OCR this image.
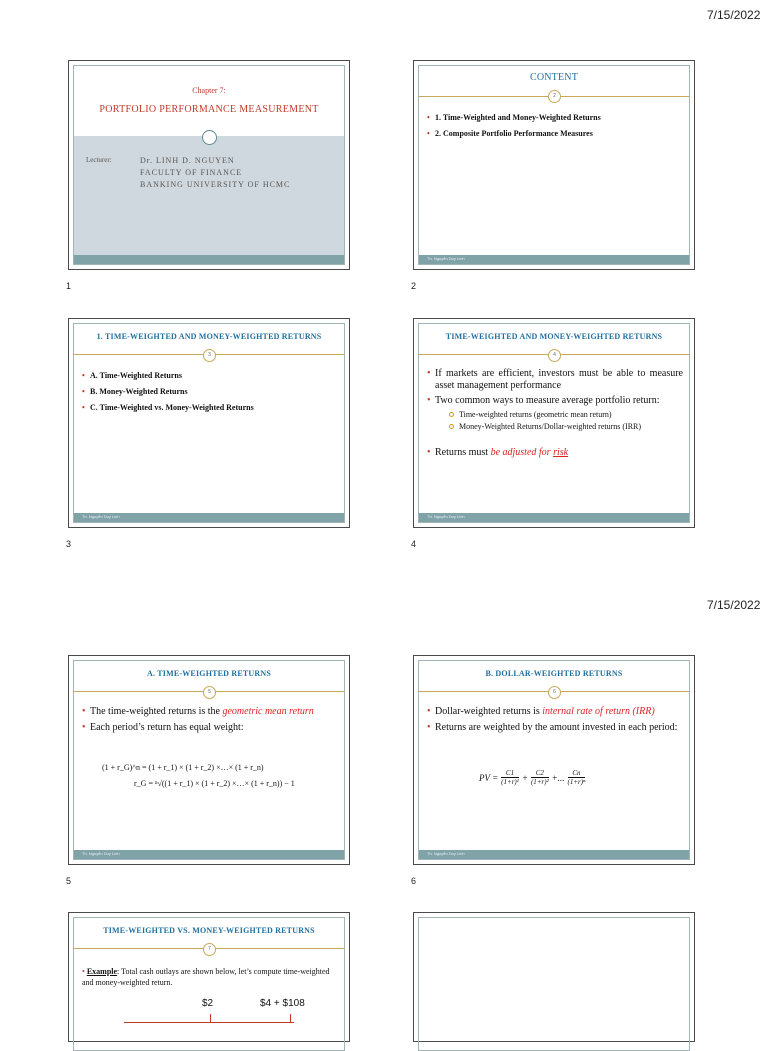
7/15/2022
Chapter 7:
PORTFOLIO PERFORMANCE MEASUREMENT
Lecturer:	Dr. LINH D. NGUYEN
FACULTY OF FINANCE
BANKING UNIVERSITY OF HCMC
1
CONTENT
2
• 1. Time-Weighted and Money-Weighted Returns
• 2. Composite Portfolio Performance Measures
Th. Nguyễn Duy Linh
2
1. TIME-WEIGHTED AND MONEY-WEIGHTED RETURNS
3
• A. Time-Weighted Returns
• B. Money-Weighted Returns
• C. Time-Weighted vs. Money-Weighted Returns
Th. Nguyễn Duy Linh
3
TIME-WEIGHTED AND MONEY-WEIGHTED RETURNS
4
• If markets are efficient, investors must be able to measure asset management performance
• Two common ways to measure average portfolio return:
Time-weighted returns (geometric mean return)
Money-Weighted Returns/Dollar-weighted returns (IRR)
• Returns must be adjusted for risk
Th. Nguyễn Duy Linh
4
7/15/2022
A. TIME-WEIGHTED RETURNS
5
• The time-weighted returns is the geometric mean return
• Each period’s return has equal weight:
(1 + r_G)^n = (1 + r_1) × (1 + r_2) ×…× (1 + r_n)
r_G = ⁿ√((1 + r_1) × (1 + r_2) ×…× (1 + r_n)) − 1
Th. Nguyễn Duy Linh
5
B. DOLLAR-WEIGHTED RETURNS
6
• Dollar-weighted returns is internal rate of return (IRR)
• Returns are weighted by the amount invested in each period:
PV = $\frac{C1}{\text{(1+r)¹}} + \frac{C2}{\text{(1+r)²}}$ +...	Cn
(1+r)ⁿ
Th. Nguyễn Duy Linh
6
TIME-WEIGHTED VS. MONEY-WEIGHTED RETURNS
7
• Example: Total cash outlays are shown below, let’s compute time-weighted and money-weighted return.
$2	$4 + $108
